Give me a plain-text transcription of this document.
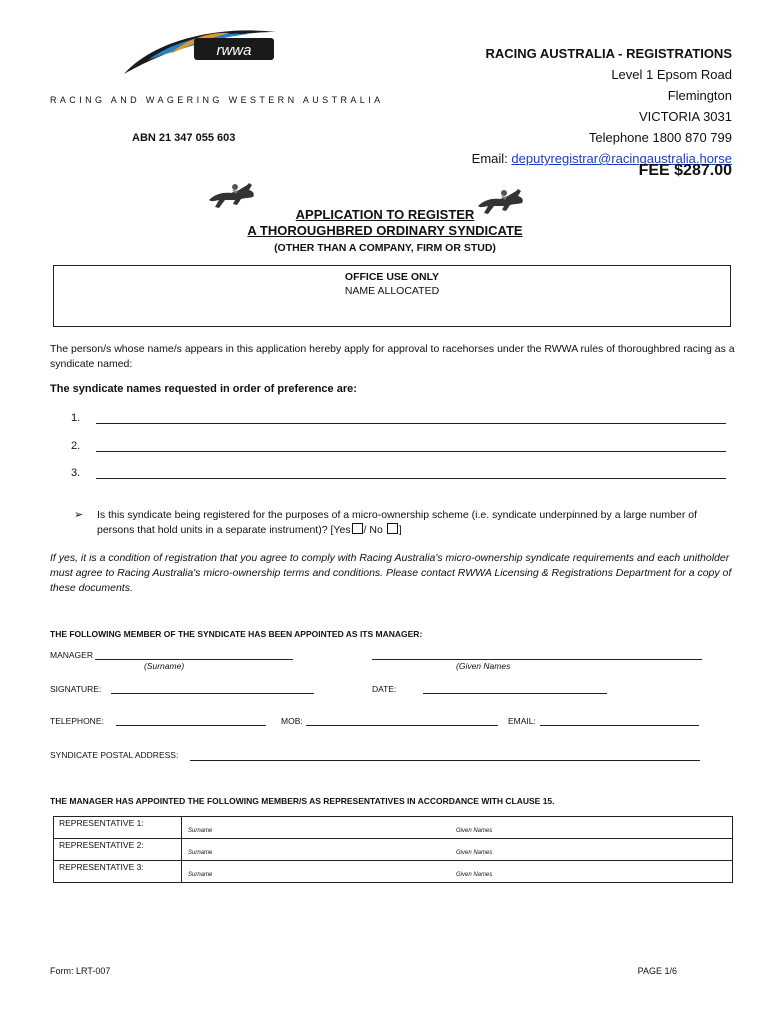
rwwa
RACING AND WAGERING WESTERN AUSTRALIA
ABN 21 347 055 603
RACING AUSTRALIA - REGISTRATIONS
Level 1 Epsom Road
Flemington
VICTORIA 3031
Telephone 1800 870 799
Email: deputyregistrar@racingaustralia.horse
FEE $287.00
APPLICATION TO REGISTER
A THOROUGHBRED ORDINARY SYNDICATE
(OTHER THAN A COMPANY, FIRM OR STUD)
OFFICE USE ONLY
NAME ALLOCATED
The person/s whose name/s appears in this application hereby apply for approval to racehorses under the RWWA rules of thoroughbred racing as a syndicate named:
The syndicate names requested in order of preference are:
1.
2.
3.
➢ Is this syndicate being registered for the purposes of a micro-ownership scheme (i.e. syndicate underpinned by a large number of persons that hold units in a separate instrument)? [Yes / No ]
If yes, it is a condition of registration that you agree to comply with Racing Australia's micro-ownership syndicate requirements and each unitholder must agree to Racing Australia's micro-ownership terms and conditions. Please contact RWWA Licensing & Registrations Department for a copy of these documents.
THE FOLLOWING MEMBER OF THE SYNDICATE HAS BEEN APPOINTED AS ITS MANAGER:
MANAGER
(Surname)	(Given Names
SIGNATURE:	DATE:
TELEPHONE:	MOB:	EMAIL:
SYNDICATE POSTAL ADDRESS:
THE MANAGER HAS APPOINTED THE FOLLOWING MEMBER/S AS REPRESENTATIVES IN ACCORDANCE WITH CLAUSE 15.
REPRESENTATIVE 1:	Surname Given Names

REPRESENTATIVE 2:	Surname Given Names

REPRESENTATIVE 3:	Surname Given Names
Form: LRT-007	PAGE 1/6
